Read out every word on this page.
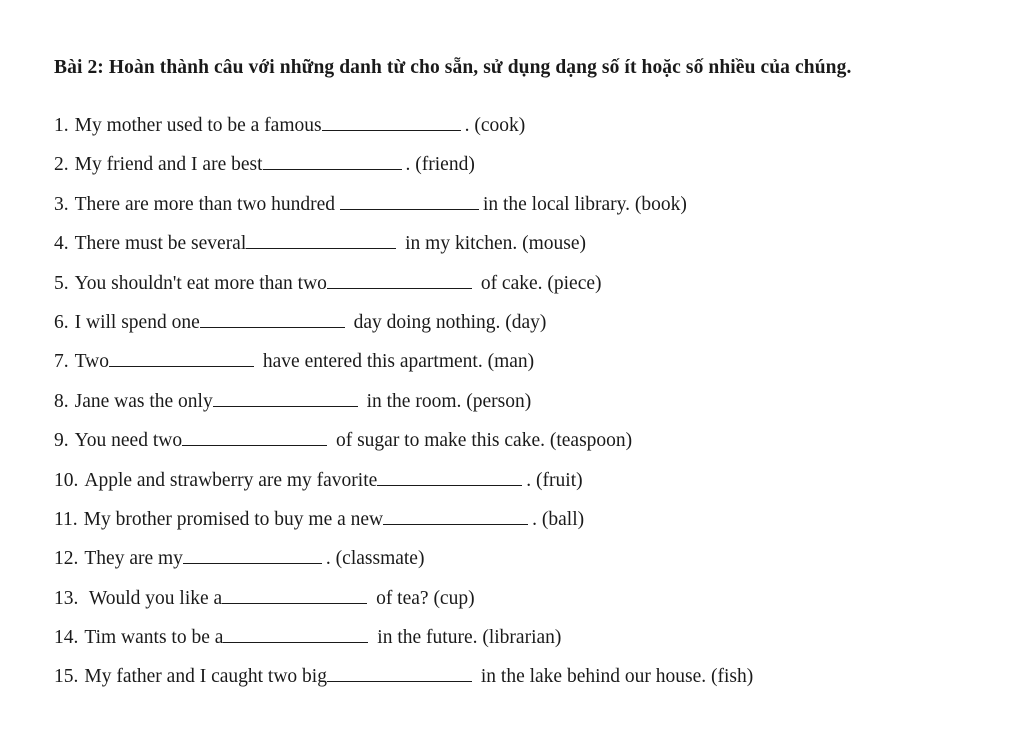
Bài 2: Hoàn thành câu với những danh từ cho sẵn, sử dụng dạng số ít hoặc số nhiều của chúng.
1. My mother used to be a famous	. (cook)
2. My friend and I are best	. (friend)
3. There are more than two hundred	in the local library. (book)
4. There must be several	in my kitchen. (mouse)
5. You shouldn't eat more than two	of cake. (piece)
6. I will spend one	day doing nothing. (day)
7. Two	have entered this apartment. (man)
8. Jane was the only	in the room. (person)
9. You need two	of sugar to make this cake. (teaspoon)
10. Apple and strawberry are my favorite	. (fruit)
11. My brother promised to buy me a new	. (ball)
12. They are my	. (classmate)
13. Would you like a	of tea? (cup)
14. Tim wants to be a	in the future. (librarian)
15. My father and I caught two big	in the lake behind our house. (fish)
